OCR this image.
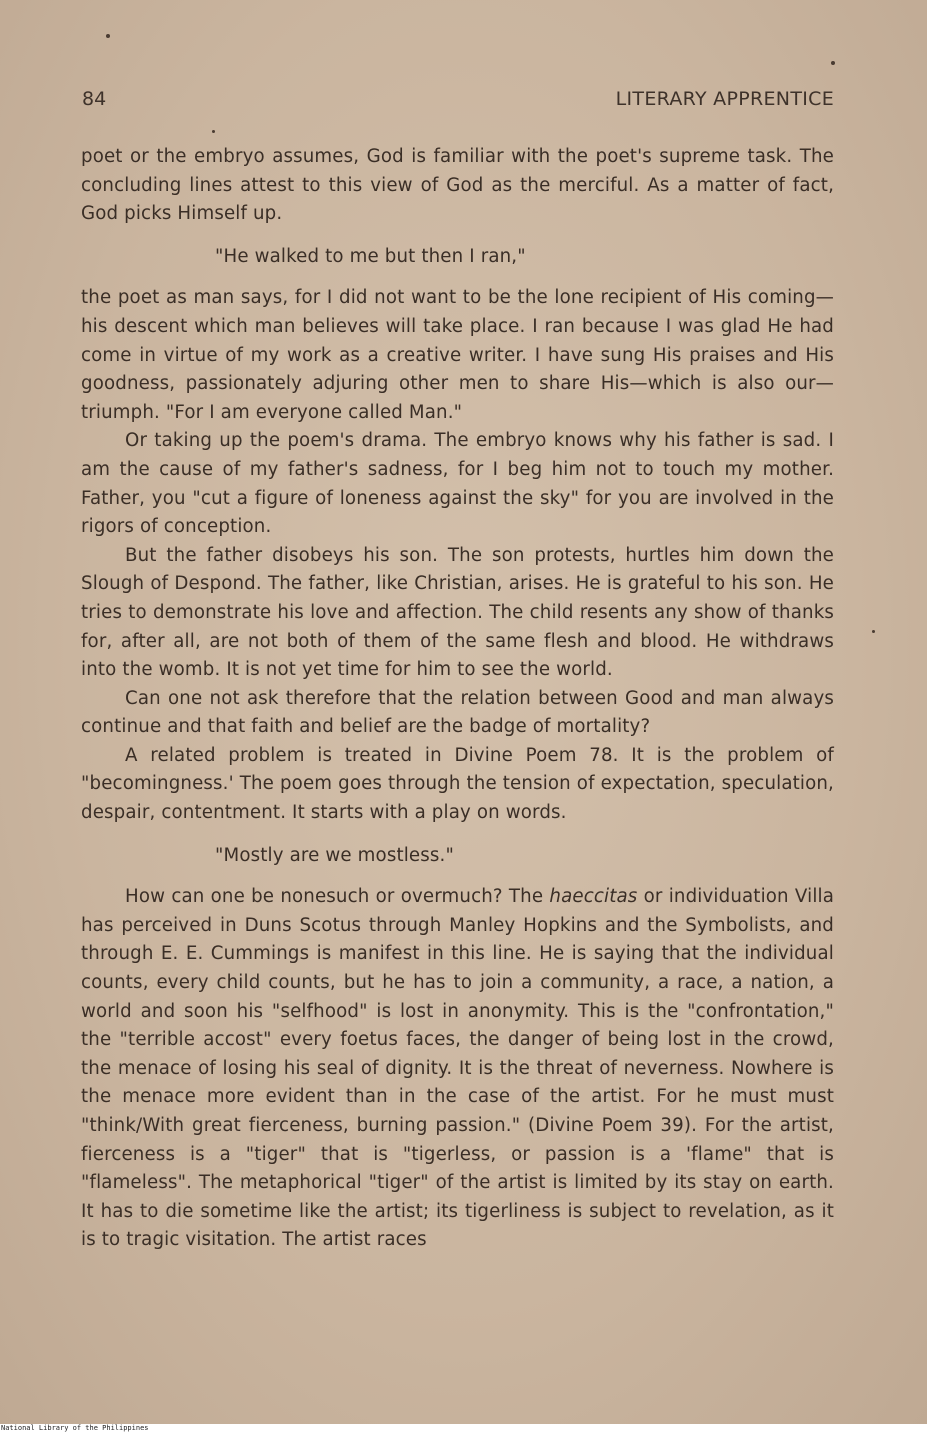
84	LITERARY APPRENTICE

poet or the embryo assumes, God is familiar with the poet's supreme task. The concluding lines attest to this view of God as the merciful. As a matter of fact, God picks Himself up.

"He walked to me but then I ran,"

the poet as man says, for I did not want to be the lone recipient of His coming—his descent which man believes will take place. I ran because I was glad He had come in virtue of my work as a creative writer. I have sung His praises and His goodness, passionately adjuring other men to share His—which is also our—triumph. "For I am everyone called Man."

Or taking up the poem's drama. The embryo knows why his father is sad. I am the cause of my father's sadness, for I beg him not to touch my mother. Father, you "cut a figure of loneness against the sky" for you are involved in the rigors of conception.

But the father disobeys his son. The son protests, hurtles him down the Slough of Despond. The father, like Christian, arises. He is grateful to his son. He tries to demonstrate his love and affection. The child resents any show of thanks for, after all, are not both of them of the same flesh and blood. He withdraws into the womb. It is not yet time for him to see the world.

Can one not ask therefore that the relation between Good and man always continue and that faith and belief are the badge of mortality?

A related problem is treated in Divine Poem 78. It is the problem of "becomingness.' The poem goes through the tension of expectation, speculation, despair, contentment. It starts with a play on words.

"Mostly are we mostless."

How can one be nonesuch or overmuch? The haeccitas or individuation Villa has perceived in Duns Scotus through Manley Hopkins and the Symbolists, and through E. E. Cummings is manifest in this line. He is saying that the individual counts, every child counts, but he has to join a community, a race, a nation, a world and soon his "selfhood" is lost in anonymity. This is the "confrontation," the "terrible accost" every foetus faces, the danger of being lost in the crowd, the menace of losing his seal of dignity. It is the threat of neverness. Nowhere is the menace more evident than in the case of the artist. For he must must "think/With great fierceness, burning passion." (Divine Poem 39). For the artist, fierceness is a "tiger" that is "tigerless, or passion is a 'flame" that is "flameless". The metaphorical "tiger" of the artist is limited by its stay on earth. It has to die sometime like the artist; its tigerliness is subject to revelation, as it is to tragic visitation. The artist races

National Library of the Philippines
